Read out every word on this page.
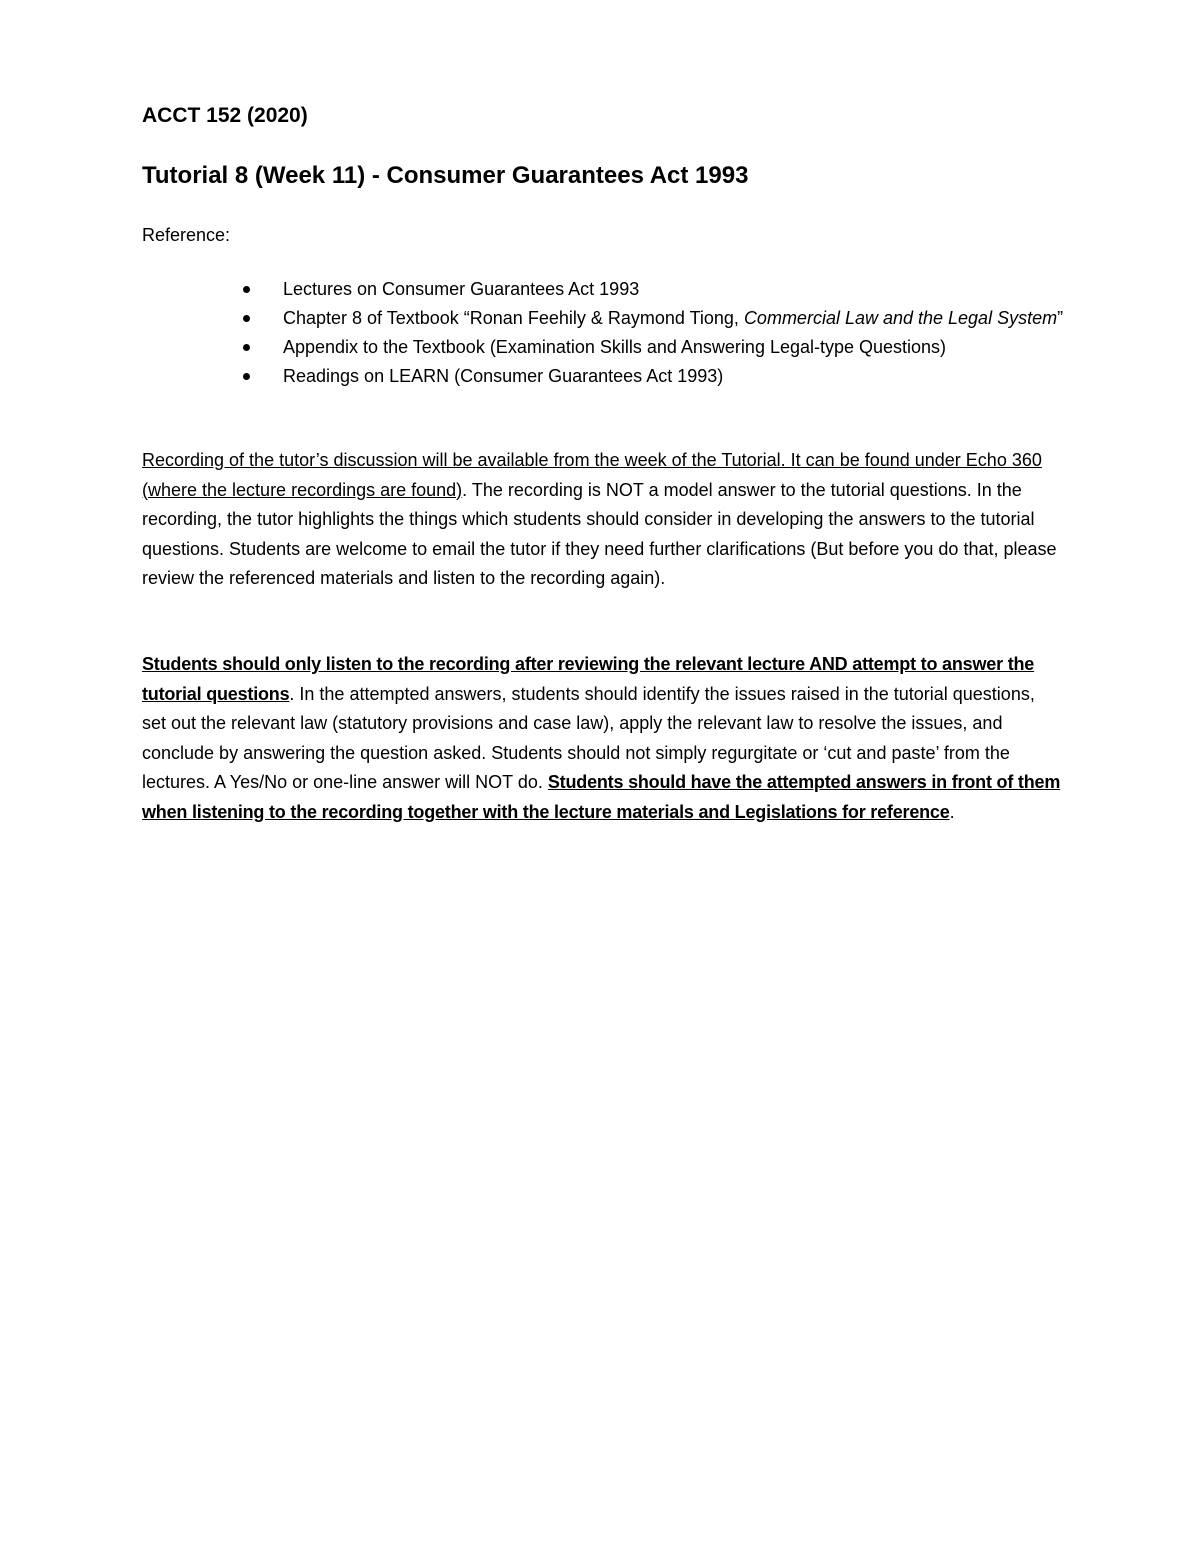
ACCT 152 (2020)
Tutorial 8 (Week 11) - Consumer Guarantees Act 1993
Reference:
Lectures on Consumer Guarantees Act 1993
Chapter 8 of Textbook “Ronan Feehily & Raymond Tiong, Commercial Law and the Legal System”
Appendix to the Textbook (Examination Skills and Answering Legal-type Questions)
Readings on LEARN (Consumer Guarantees Act 1993)

Recording of the tutor’s discussion will be available from the week of the Tutorial. It can be found under Echo 360 (where the lecture recordings are found). The recording is NOT a model answer to the tutorial questions. In the recording, the tutor highlights the things which students should consider in developing the answers to the tutorial questions. Students are welcome to email the tutor if they need further clarifications (But before you do that, please review the referenced materials and listen to the recording again).

Students should only listen to the recording after reviewing the relevant lecture AND attempt to answer the tutorial questions. In the attempted answers, students should identify the issues raised in the tutorial questions, set out the relevant law (statutory provisions and case law), apply the relevant law to resolve the issues, and conclude by answering the question asked. Students should not simply regurgitate or ‘cut and paste’ from the lectures. A Yes/No or one-line answer will NOT do. Students should have the attempted answers in front of them when listening to the recording together with the lecture materials and Legislations for reference.
